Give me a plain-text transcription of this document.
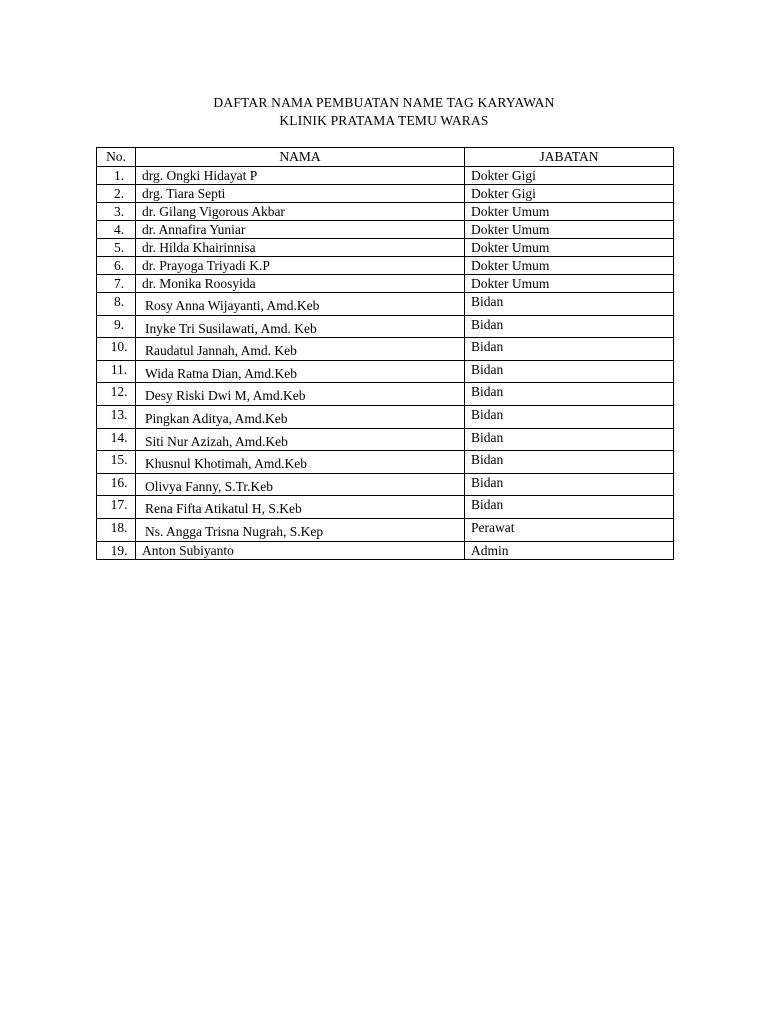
DAFTAR NAMA PEMBUATAN NAME TAG KARYAWAN
KLINIK PRATAMA TEMU WARAS
No.	NAMA	JABATAN
1.	drg. Ongki Hidayat P	Dokter Gigi
2.	drg. Tiara Septi	Dokter Gigi
3.	dr. Gilang Vigorous Akbar	Dokter Umum
4.	dr. Annafira Yuniar	Dokter Umum
5.	dr. Hilda Khairinnisa	Dokter Umum
6.	dr. Prayoga Triyadi K.P	Dokter Umum
7.	dr. Monika Roosyida	Dokter Umum
8.	Rosy Anna Wijayanti, Amd.Keb	Bidan
9.	Inyke Tri Susilawati, Amd. Keb	Bidan
10.	Raudatul Jannah, Amd. Keb	Bidan
11.	Wida Ratna Dian, Amd.Keb	Bidan
12.	Desy Riski Dwi M, Amd.Keb	Bidan
13.	Pingkan Aditya, Amd.Keb	Bidan
14.	Siti Nur Azizah, Amd.Keb	Bidan
15.	Khusnul Khotimah, Amd.Keb	Bidan
16.	Olivya Fanny, S.Tr.Keb	Bidan
17.	Rena Fifta Atikatul H, S.Keb	Bidan
18.	Ns. Angga Trisna Nugrah, S.Kep	Perawat
19.	Anton Subiyanto	Admin
